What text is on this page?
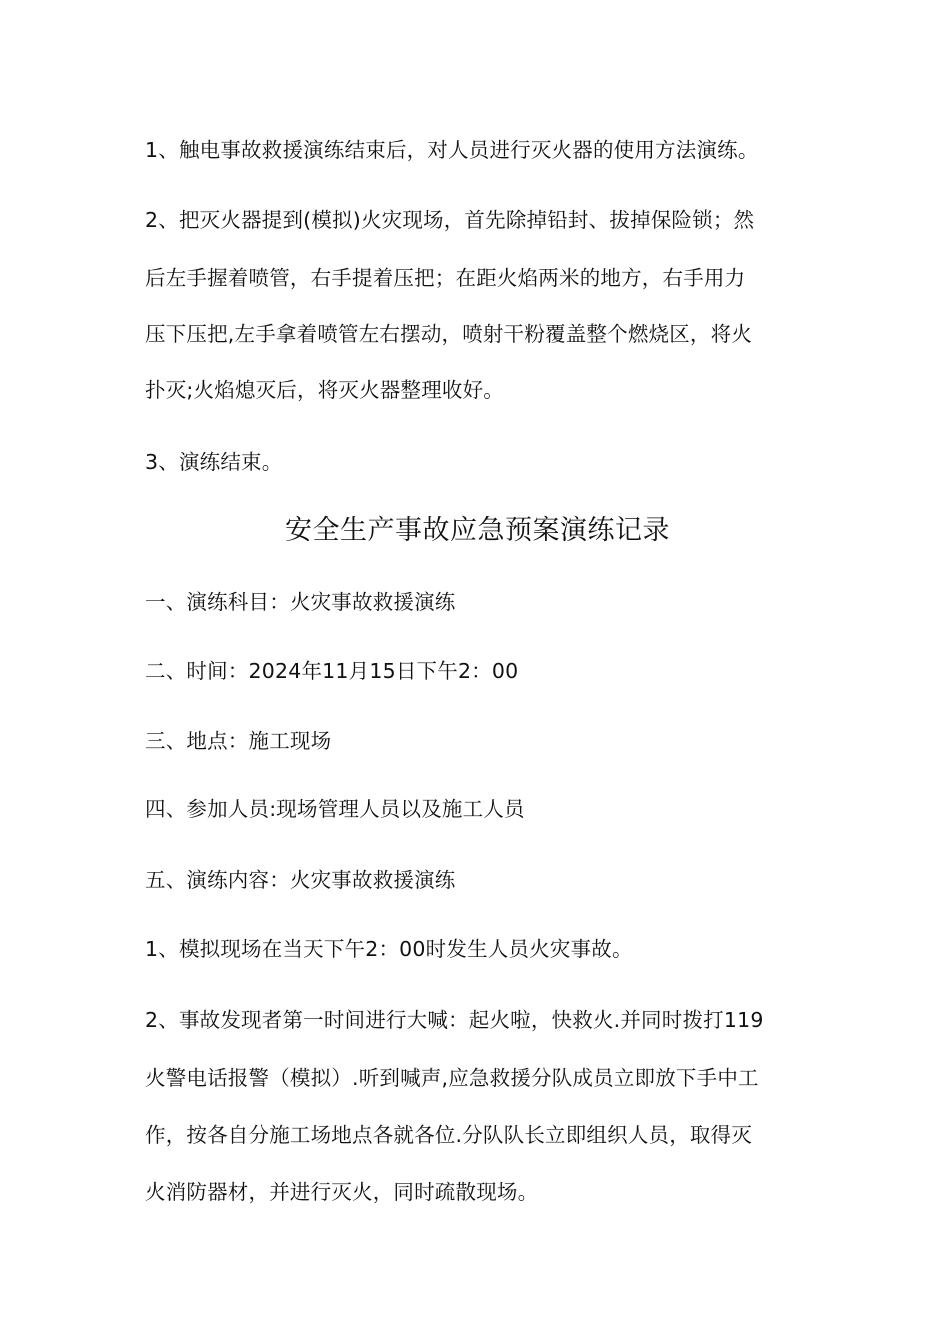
1、触电事故救援演练结束后，对人员进行灭火器的使用方法演练。
2、把灭火器提到(模拟)火灾现场，首先除掉铅封、拔掉保险锁；然
后左手握着喷管，右手提着压把；在距火焰两米的地方，右手用力
压下压把,左手拿着喷管左右摆动，喷射干粉覆盖整个燃烧区，将火
扑灭;火焰熄灭后，将灭火器整理收好。
3、演练结束。
安全生产事故应急预案演练记录
一、演练科目：火灾事故救援演练
二、时间：2024年11月15日下午2：00
三、地点：施工现场
四、参加人员:现场管理人员以及施工人员
五、演练内容：火灾事故救援演练
1、模拟现场在当天下午2：00时发生人员火灾事故。
2、事故发现者第一时间进行大喊：起火啦，快救火.并同时拨打119
火警电话报警（模拟）.听到喊声,应急救援分队成员立即放下手中工
作，按各自分施工场地点各就各位.分队队长立即组织人员，取得灭
火消防器材，并进行灭火，同时疏散现场。
